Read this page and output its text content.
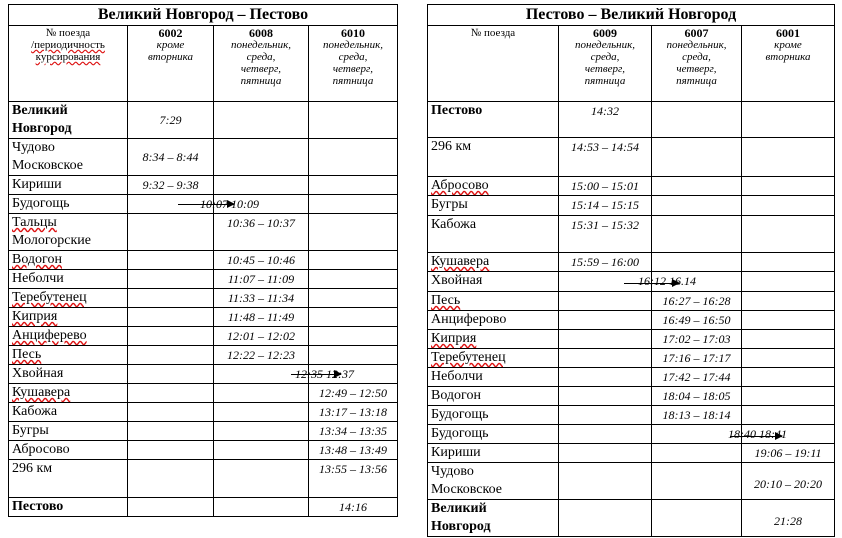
Великий Новгород – Пестово			

№ поезда
/периодичность
курсирования	6002
кроме
вторника	6008
понедельник,
среда,
четверг,
пятница	6010
понедельник,
среда,
четверг,
пятница

Великий
Новгород	7:29		

Чудово
Московское	8:34 – 8:44		

Кириши	9:32 – 9:38		

Будогощь	10:07	10:09	

Тальцы
Мологорские		10:36 – 10:37	

Водогон		10:45 – 10:46	

Неболчи		11:07 – 11:09	

Теребутенец		11:33 – 11:34	

Киприя		11:48 – 11:49	

Анциферево		12:01 – 12:02	

Песь		12:22 – 12:23	

Хвойная		12:35	12:37

Кушавера			12:49 – 12:50

Кабожа			13:17 – 13:18

Бугры			13:34 – 13:35

Абросово			13:48 – 13:49

296 км			13:55 – 13:56

Пестово			14:16
Пестово – Великий Новгород			

№ поезда	6009
понедельник,
среда,
четверг,
пятница	6007
понедельник,
среда,
четверг,
пятница	6001
кроме
вторника

Пестово	14:32		

296 км	14:53 – 14:54		

Абросово	15:00 – 15:01		

Бугры	15:14 – 15:15		

Кабожа	15:31 – 15:32		

Кушавера	15:59 – 16:00		

Хвойная	16:12	16.14	

Песь		16:27 – 16:28	

Анциферово		16:49 – 16:50	

Киприя		17:02 – 17:03	

Теребутенец		17:16 – 17:17	

Неболчи		17:42 – 17:44	

Водогон		18:04 – 18:05	

Будогощь		18:13 – 18:14	

Будогощь		18:40	18:41

Кириши			19:06 – 19:11

Чудово
Московское			20:10 – 20:20

Великий
Новгород			21:28
